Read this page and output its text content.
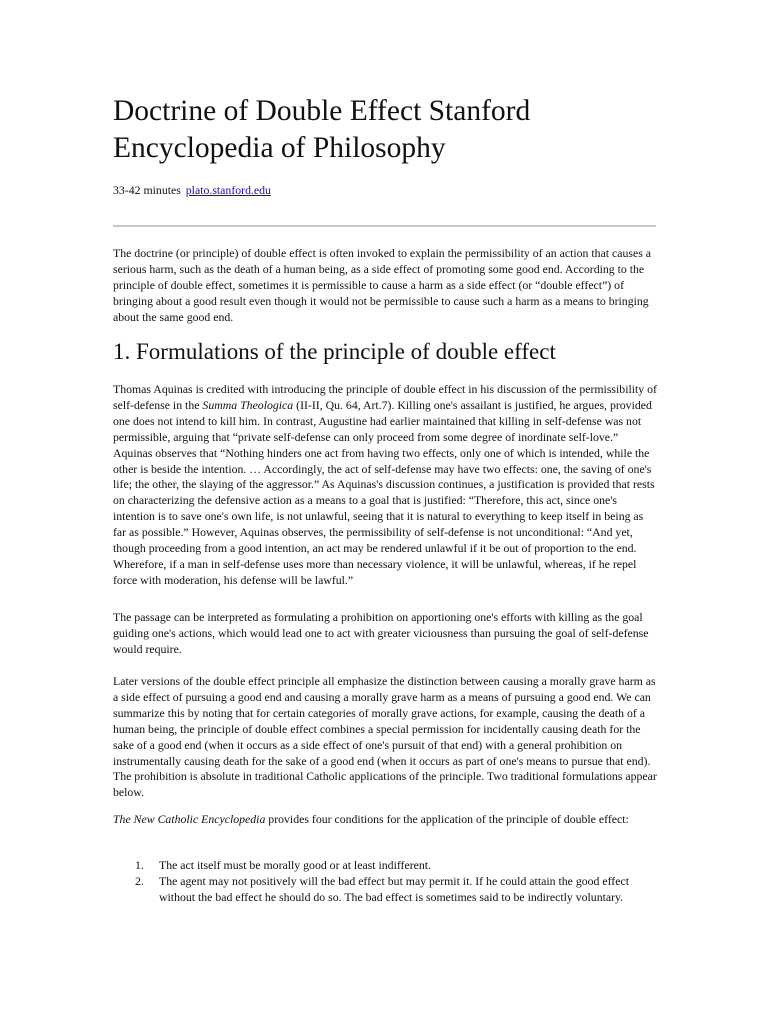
Doctrine of Double Effect Stanford Encyclopedia of Philosophy

33-42 minutes plato.stanford.edu

The doctrine (or principle) of double effect is often invoked to explain the permissibility of an action that causes a serious harm, such as the death of a human being, as a side effect of promoting some good end. According to the principle of double effect, sometimes it is permissible to cause a harm as a side effect (or “double effect”) of bringing about a good result even though it would not be permissible to cause such a harm as a means to bringing about the same good end.

1. Formulations of the principle of double effect

Thomas Aquinas is credited with introducing the principle of double effect in his discussion of the permissibility of self-defense in the Summa Theologica (II-II, Qu. 64, Art.7). Killing one's assailant is justified, he argues, provided one does not intend to kill him. In contrast, Augustine had earlier maintained that killing in self-defense was not permissible, arguing that “private self-defense can only proceed from some degree of inordinate self-love.” Aquinas observes that “Nothing hinders one act from having two effects, only one of which is intended, while the other is beside the intention. … Accordingly, the act of self-defense may have two effects: one, the saving of one's life; the other, the slaying of the aggressor.” As Aquinas's discussion continues, a justification is provided that rests on characterizing the defensive action as a means to a goal that is justified: “Therefore, this act, since one's intention is to save one's own life, is not unlawful, seeing that it is natural to everything to keep itself in being as far as possible.” However, Aquinas observes, the permissibility of self-defense is not unconditional: “And yet, though proceeding from a good intention, an act may be rendered unlawful if it be out of proportion to the end. Wherefore, if a man in self-defense uses more than necessary violence, it will be unlawful, whereas, if he repel force with moderation, his defense will be lawful.”

The passage can be interpreted as formulating a prohibition on apportioning one's efforts with killing as the goal guiding one's actions, which would lead one to act with greater viciousness than pursuing the goal of self-defense would require.

Later versions of the double effect principle all emphasize the distinction between causing a morally grave harm as a side effect of pursuing a good end and causing a morally grave harm as a means of pursuing a good end. We can summarize this by noting that for certain categories of morally grave actions, for example, causing the death of a human being, the principle of double effect combines a special permission for incidentally causing death for the sake of a good end (when it occurs as a side effect of one's pursuit of that end) with a general prohibition on instrumentally causing death for the sake of a good end (when it occurs as part of one's means to pursue that end). The prohibition is absolute in traditional Catholic applications of the principle. Two traditional formulations appear below.

The New Catholic Encyclopedia provides four conditions for the application of the principle of double effect:

1. The act itself must be morally good or at least indifferent.
2. The agent may not positively will the bad effect but may permit it. If he could attain the good effect without the bad effect he should do so. The bad effect is sometimes said to be indirectly voluntary.
